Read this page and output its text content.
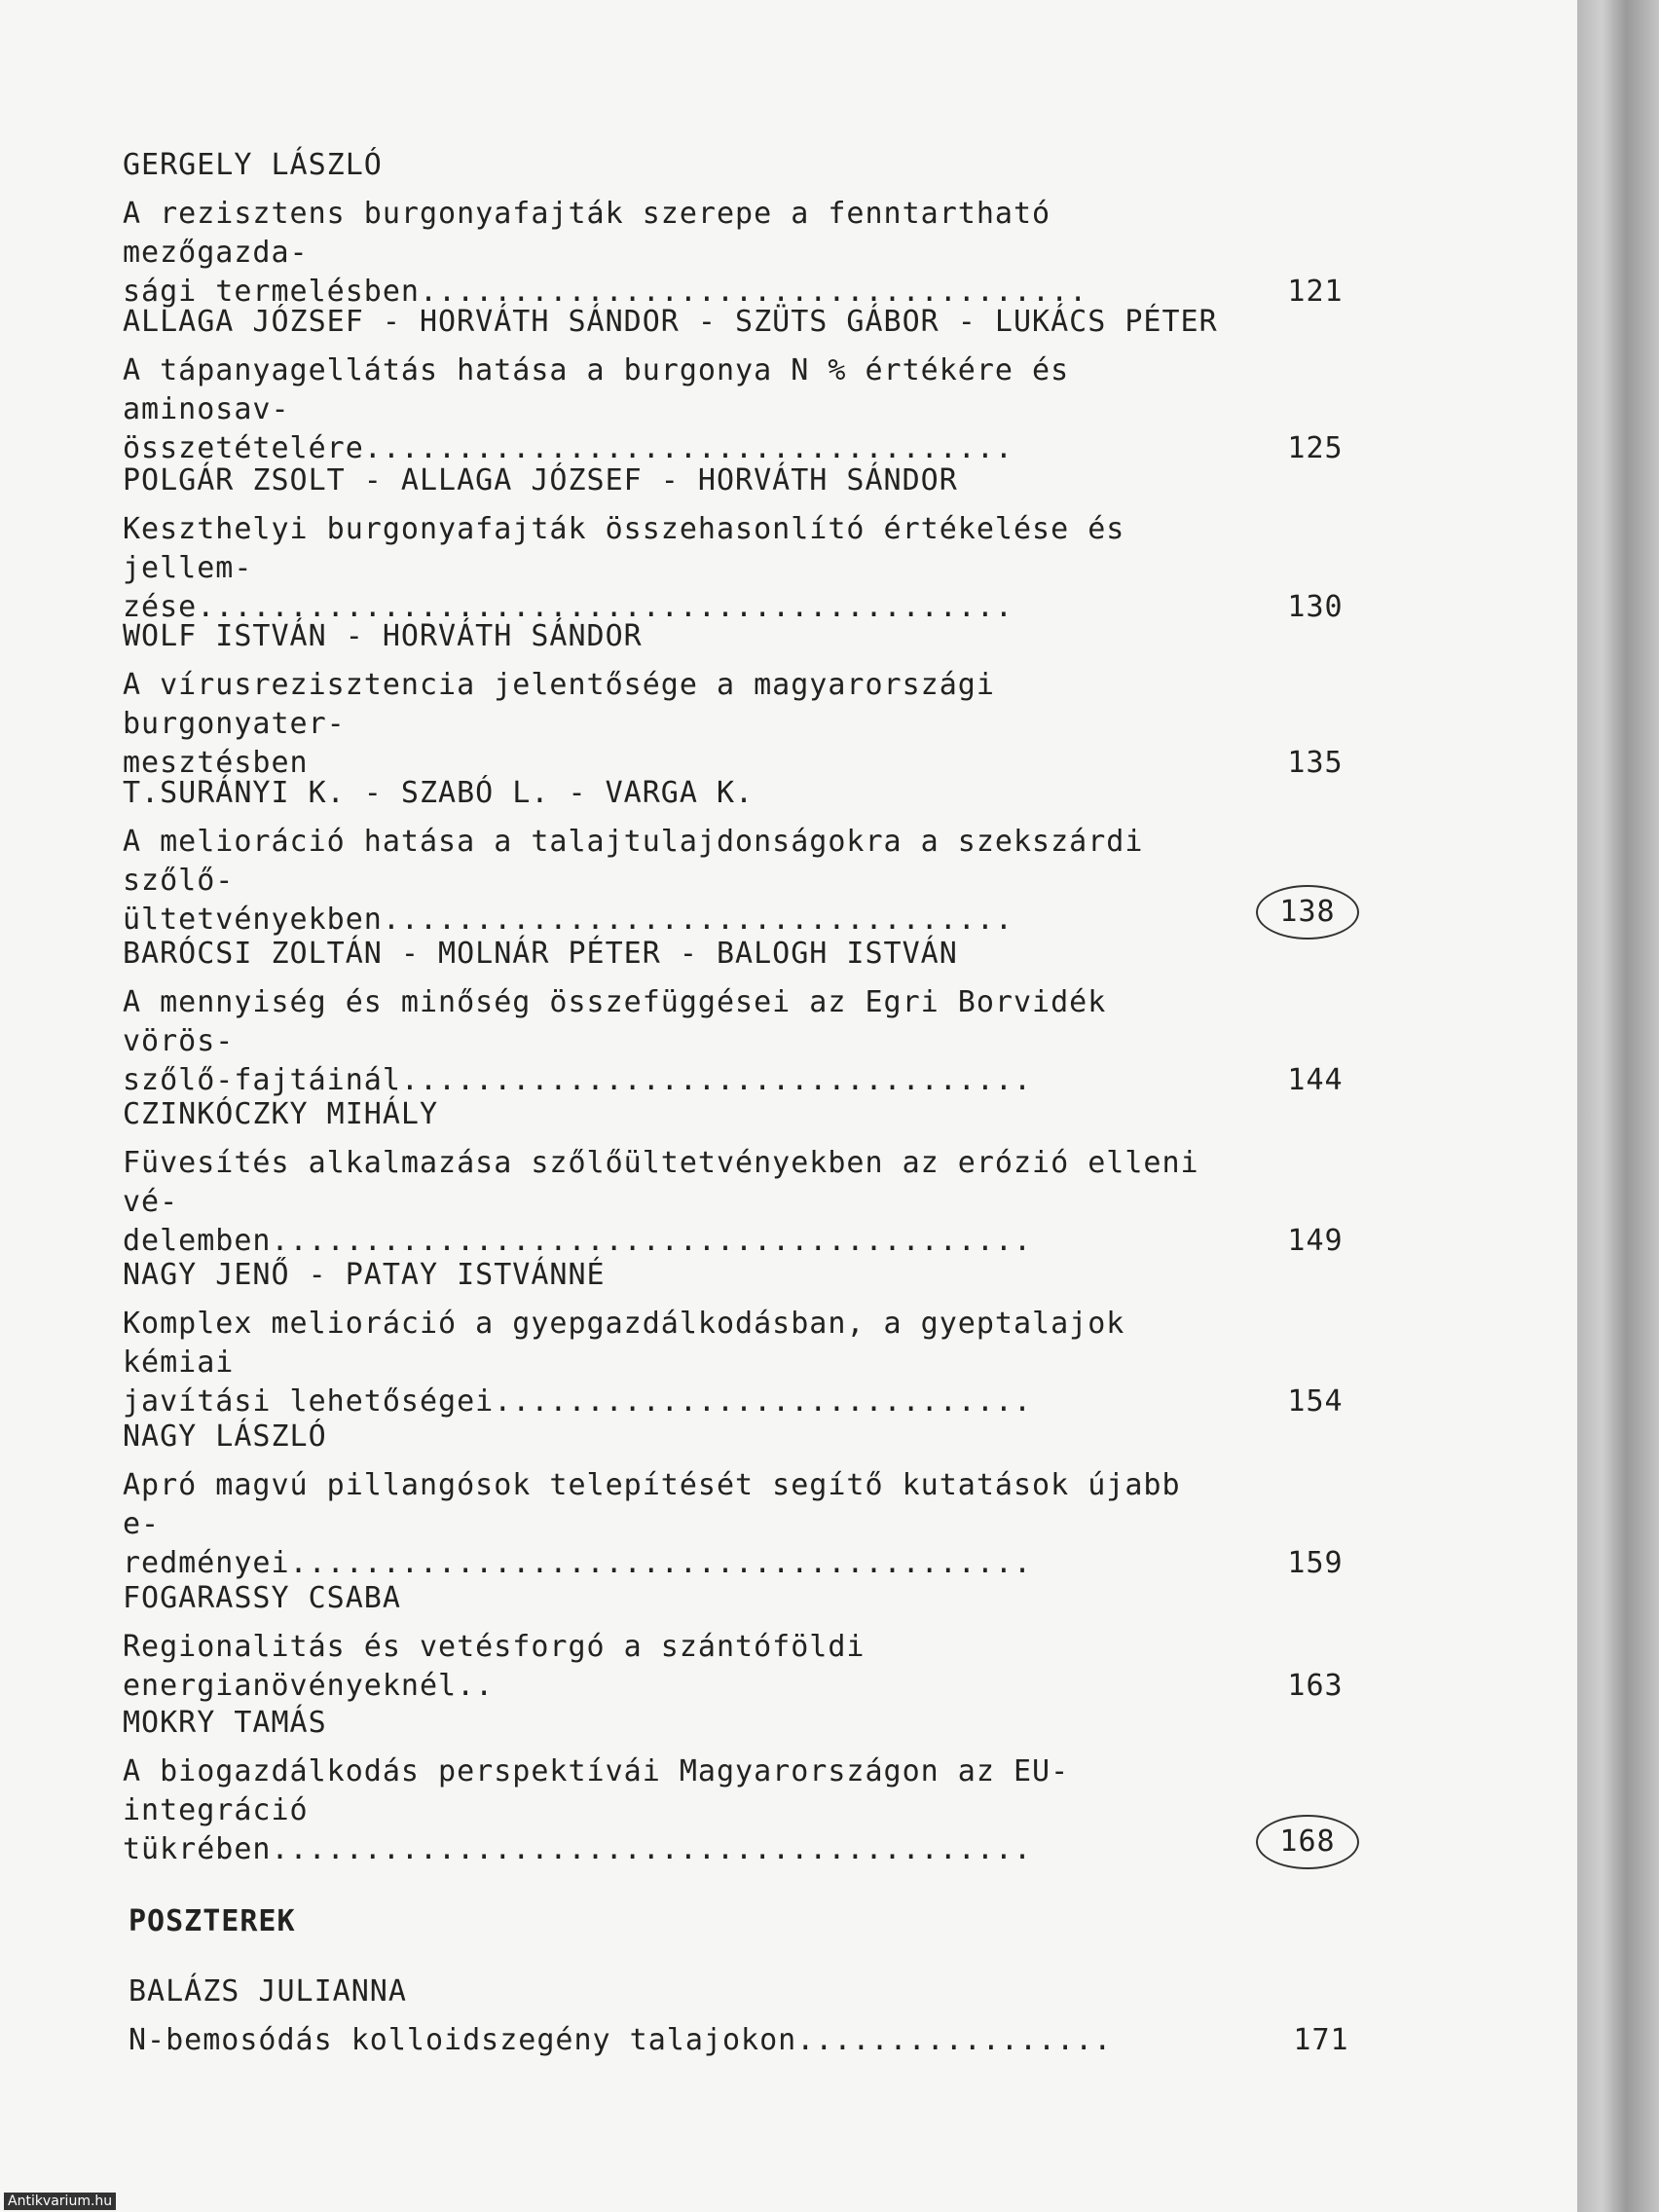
GERGELY LÁSZLÓ
A rezisztens burgonyafajták szerepe a fenntartható mezőgazda-
sági termelésben....................................	121
ALLAGA JÓZSEF - HORVÁTH SÁNDOR - SZÜTS GÁBOR - LUKÁCS PÉTER
A tápanyagellátás hatása a burgonya N % értékére és aminosav-
összetételére...................................	125
POLGÁR ZSOLT - ALLAGA JÓZSEF - HORVÁTH SÁNDOR
Keszthelyi burgonyafajták összehasonlító értékelése és jellem-
zése............................................	130
WOLF ISTVÁN - HORVÁTH SÁNDOR
A vírusrezisztencia jelentősége a magyarországi burgonyater-
mesztésben	135
T.SURÁNYI K. - SZABÓ L. - VARGA K.
A melioráció hatása a talajtulajdonságokra a szekszárdi szőlő-
ültetvényekben..................................	138
BARÓCSI ZOLTÁN - MOLNÁR PÉTER - BALOGH ISTVÁN
A mennyiség és minőség összefüggései az Egri Borvidék vörös-
szőlő-fajtáinál..................................	144
CZINKÓCZKY MIHÁLY
Füvesítés alkalmazása szőlőültetvényekben az erózió elleni vé-
delemben.........................................	149
NAGY JENŐ - PATAY ISTVÁNNÉ
Komplex melioráció a gyepgazdálkodásban, a gyeptalajok kémiai
javítási lehetőségei.............................	154
NAGY LÁSZLÓ
Apró magvú pillangósok telepítését segítő kutatások újabb e-
redményei........................................	159
FOGARASSY CSABA
Regionalitás és vetésforgó a szántóföldi energianövényeknél..	163
MOKRY TAMÁS
A biogazdálkodás perspektívái Magyarországon az EU-integráció
tükrében.........................................	168
POSZTEREK
BALÁZS JULIANNA
N-bemosódás kolloidszegény talajokon.................	171
Antikvarium.hu
